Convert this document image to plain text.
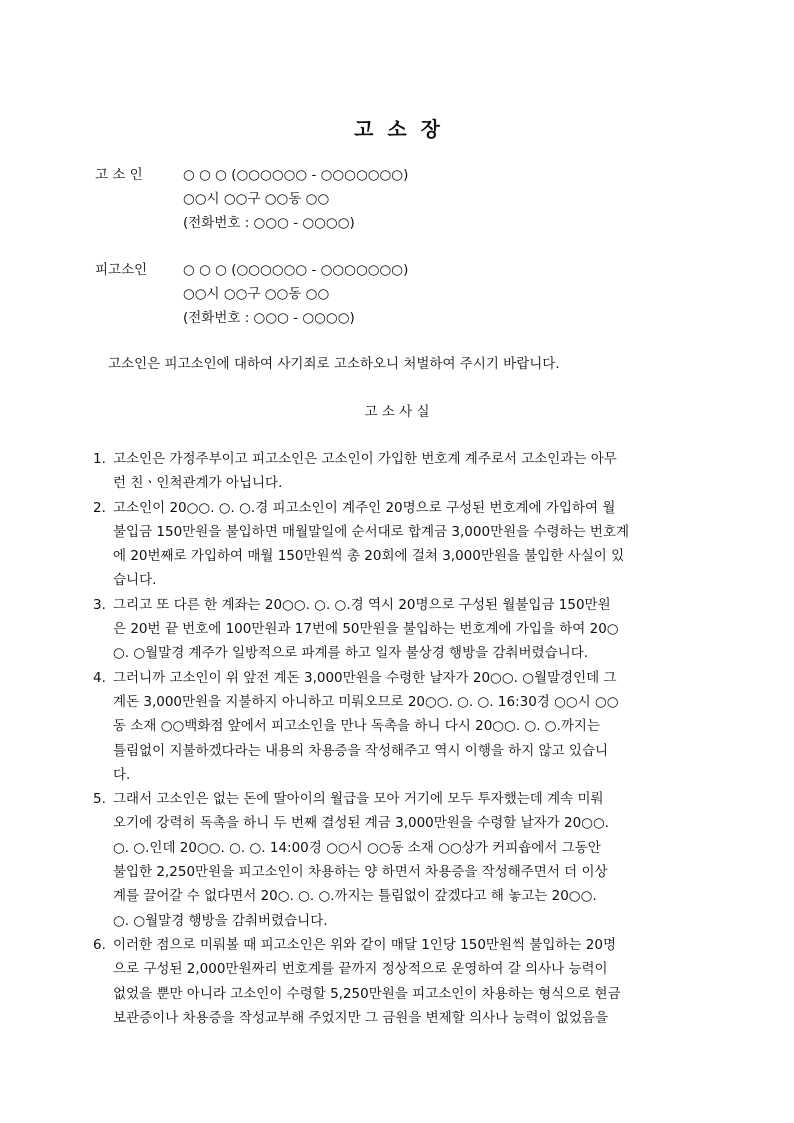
고  소  장
고 소 인	○ ○ ○ (○○○○○○ - ○○○○○○○)
○○시 ○○구 ○○동 ○○
(전화번호 : ○○○ - ○○○○)
피고소인	○ ○ ○ (○○○○○○ - ○○○○○○○)
○○시 ○○구 ○○동 ○○
(전화번호 : ○○○ - ○○○○)
고소인은 피고소인에 대하여 사기죄로 고소하오니 처벌하여 주시기 바랍니다.
고 소 사 실
1. 고소인은 가정주부이고 피고소인은 고소인이 가입한 번호계 계주로서 고소인과는 아무
런 친ㆍ인척관계가 아닙니다.
2. 고소인이 20○○. ○. ○.경 피고소인이 계주인 20명으로 구성된 번호계에 가입하여 월
불입금 150만원을 불입하면 매월말일에 순서대로 합계금 3,000만원을 수령하는 번호계
에 20번째로 가입하여 매월 150만원씩 총 20회에 걸쳐 3,000만원을 불입한 사실이 있
습니다.
3. 그리고 또 다른 한 계좌는 20○○. ○. ○.경 역시 20명으로 구성된 월불입금 150만원
은 20번 끝 번호에 100만원과 17번에 50만원을 불입하는 번호계에 가입을 하여 20○
○. ○월말경 계주가 일방적으로 파계를 하고 일자 불상경 행방을 감춰버렸습니다.
4. 그러니까 고소인이 위 앞전 계돈 3,000만원을 수령한 날자가 20○○. ○월말경인데 그
계돈 3,000만원을 지불하지 아니하고 미뤄오므로 20○○. ○. ○. 16:30경 ○○시 ○○
동 소재 ○○백화점 앞에서 피고소인을 만나 독촉을 하니 다시 20○○. ○. ○.까지는
틀림없이 지불하겠다라는 내용의 차용증을 작성해주고 역시 이행을 하지 않고 있습니
다.
5. 그래서 고소인은 없는 돈에 딸아이의 월급을 모아 거기에 모두 투자했는데 계속 미뤄
오기에 강력히 독촉을 하니 두 번째 결성된 계금 3,000만원을 수령할 날자가 20○○.
○. ○.인데 20○○. ○. ○. 14:00경 ○○시 ○○동 소재 ○○상가 커피숍에서 그동안
불입한 2,250만원을 피고소인이 차용하는 양 하면서 차용증을 작성해주면서 더 이상
계를 끌어갈 수 없다면서 20○. ○. ○.까지는 틀림없이 갚겠다고 해 놓고는 20○○.
○. ○월말경 행방을 감춰버렸습니다.
6. 이러한 점으로 미뤄볼 때 피고소인은 위와 같이 매달 1인당 150만원씩 불입하는 20명
으로 구성된 2,000만원짜리 번호계를 끝까지 정상적으로 운영하여 갈 의사나 능력이
없었을 뿐만 아니라 고소인이 수령할 5,250만원을 피고소인이 차용하는 형식으로 현금
보관증이나 차용증을 작성교부해 주었지만 그 금원을 변제할 의사나 능력이 없었음을
